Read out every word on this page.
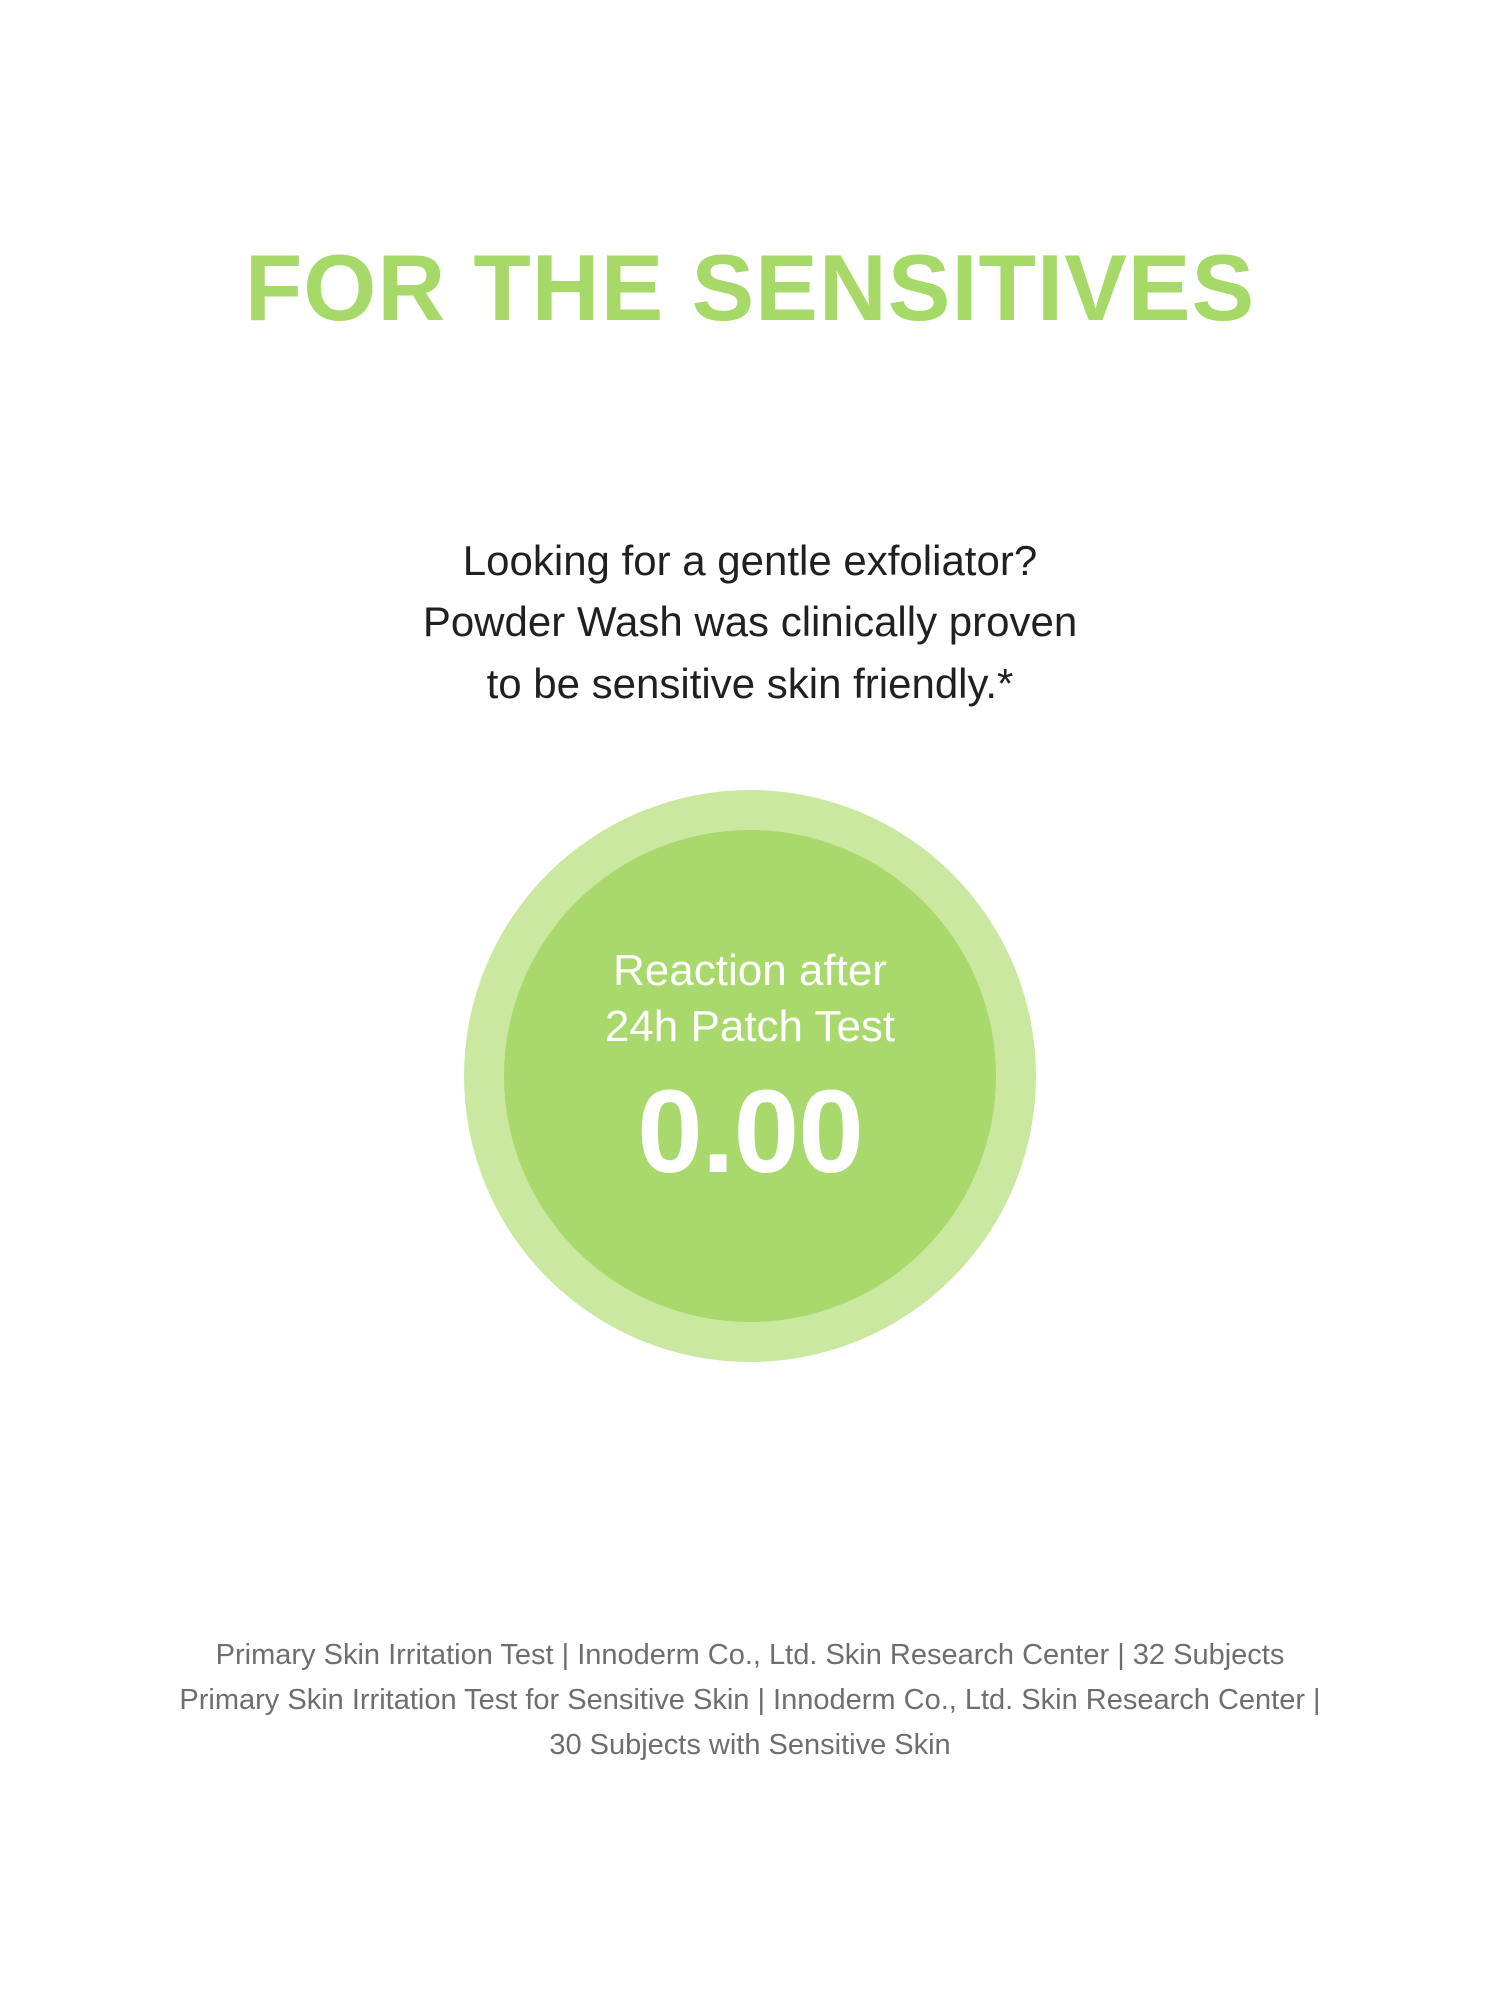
FOR THE SENSITIVES
Looking for a gentle exfoliator?
Powder Wash was clinically proven
to be sensitive skin friendly.*
Reaction after
24h Patch Test
0.00
Primary Skin Irritation Test | Innoderm Co., Ltd. Skin Research Center | 32 Subjects
Primary Skin Irritation Test for Sensitive Skin | Innoderm Co., Ltd. Skin Research Center |
30 Subjects with Sensitive Skin
